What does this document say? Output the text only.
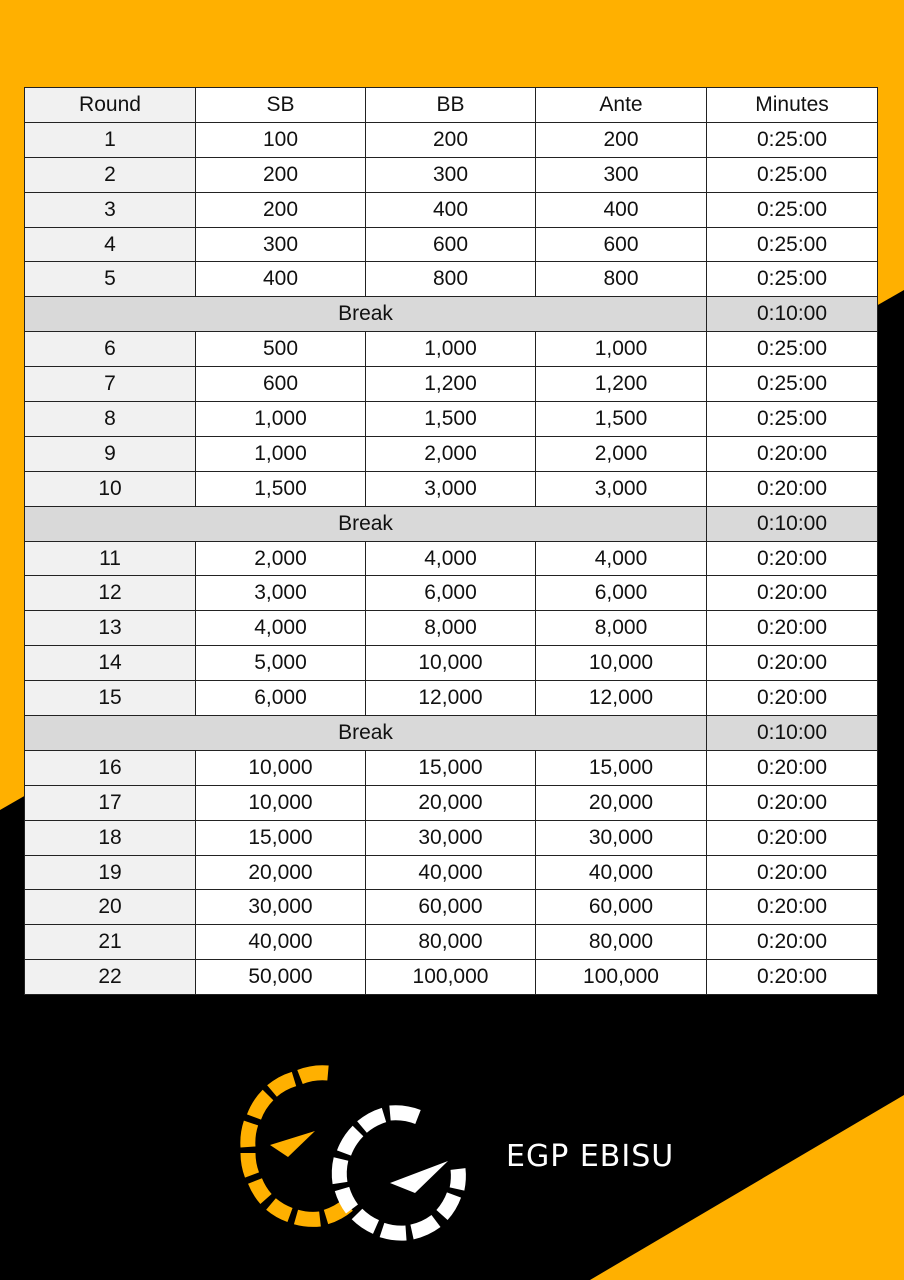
Round	SB	BB	Ante	Minutes
1	100	200	200	0:25:00
2	200	300	300	0:25:00
3	200	400	400	0:25:00
4	300	600	600	0:25:00
5	400	800	800	0:25:00
Break				0:10:00
6	500	1,000	1,000	0:25:00
7	600	1,200	1,200	0:25:00
8	1,000	1,500	1,500	0:25:00
9	1,000	2,000	2,000	0:20:00
10	1,500	3,000	3,000	0:20:00
Break				0:10:00
11	2,000	4,000	4,000	0:20:00
12	3,000	6,000	6,000	0:20:00
13	4,000	8,000	8,000	0:20:00
14	5,000	10,000	10,000	0:20:00
15	6,000	12,000	12,000	0:20:00
Break				0:10:00
16	10,000	15,000	15,000	0:20:00
17	10,000	20,000	20,000	0:20:00
18	15,000	30,000	30,000	0:20:00
19	20,000	40,000	40,000	0:20:00
20	30,000	60,000	60,000	0:20:00
21	40,000	80,000	80,000	0:20:00
22	50,000	100,000	100,000	0:20:00
EGP EBISU
